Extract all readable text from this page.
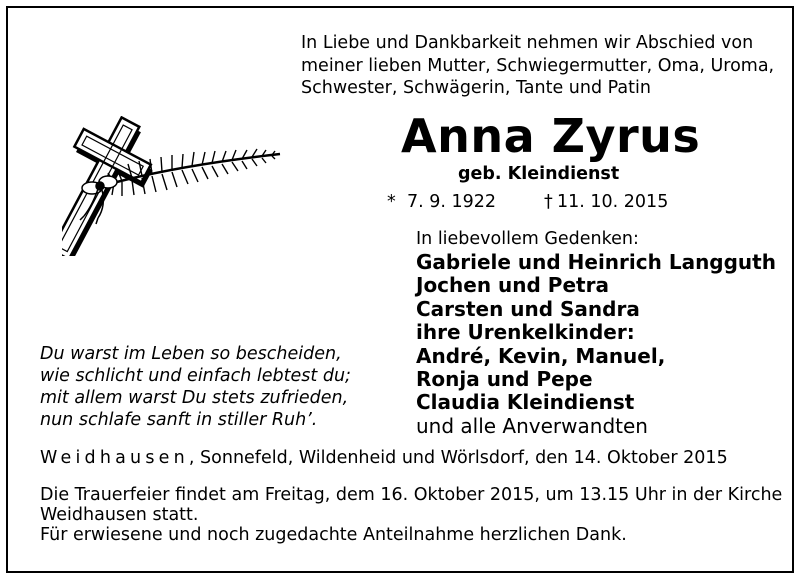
In Liebe und Dankbarkeit nehmen wir Abschied von
meiner lieben Mutter, Schwiegermutter, Oma, Uroma,
Schwester, Schwägerin, Tante und Patin
Anna Zyrus
geb. Kleindienst
* 7. 9. 1922	† 11. 10. 2015
In liebevollem Gedenken:
Gabriele und Heinrich Langguth
Jochen und Petra
Carsten und Sandra
ihre Urenkelkinder:
André, Kevin, Manuel,
Ronja und Pepe
Claudia Kleindienst
und alle Anverwandten
Du warst im Leben so bescheiden,
wie schlicht und einfach lebtest du;
mit allem warst Du stets zufrieden,
nun schlafe sanft in stiller Ruh’.
Weidhausen, Sonnefeld, Wildenheid und Wörlsdorf, den 14. Oktober 2015
Die Trauerfeier findet am Freitag, dem 16. Oktober 2015, um 13.15 Uhr in der Kirche
Weidhausen statt.
Für erwiesene und noch zugedachte Anteilnahme herzlichen Dank.
